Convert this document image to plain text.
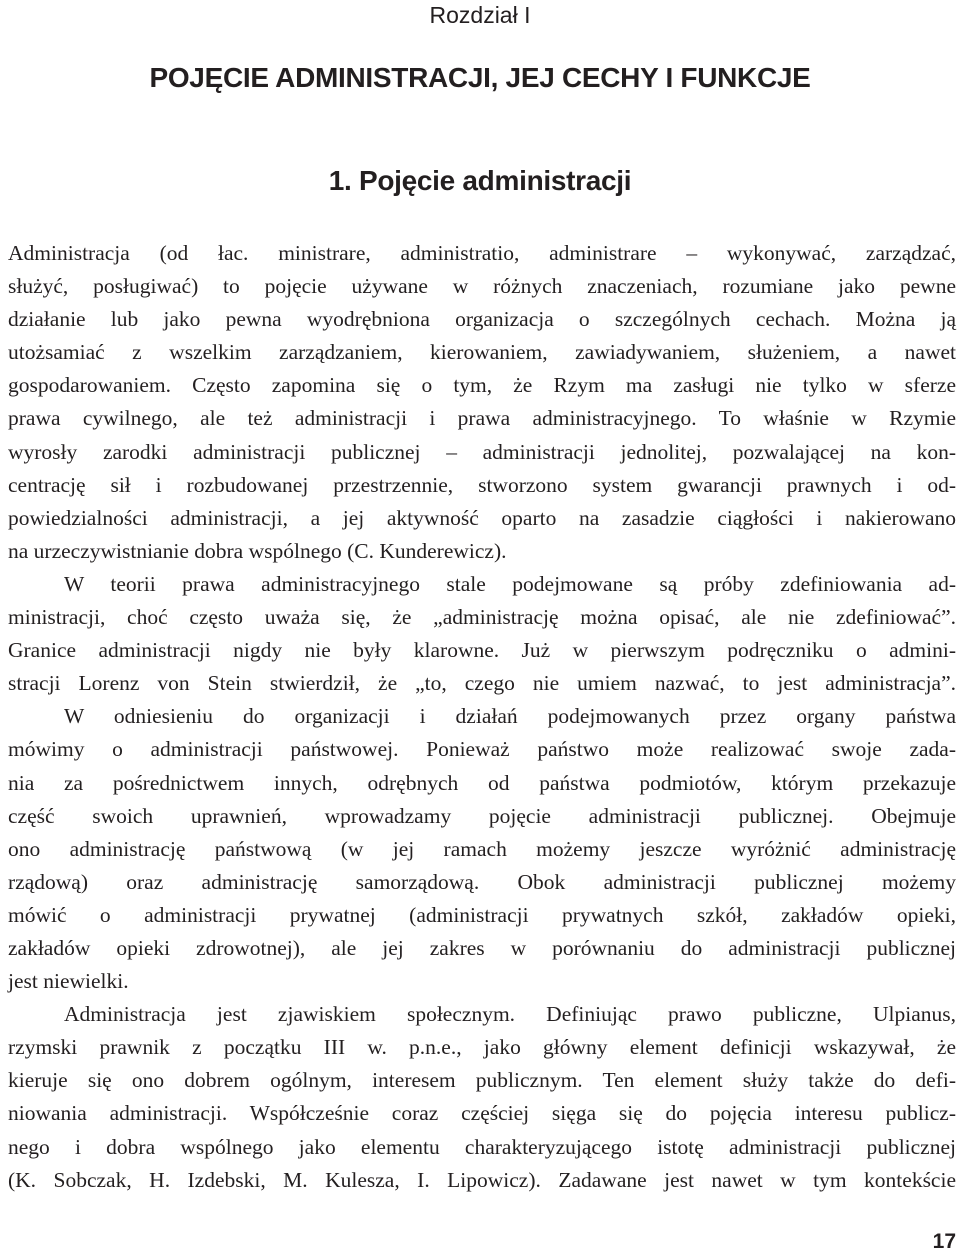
Rozdział I
POJĘCIE ADMINISTRACJI, JEJ CECHY I FUNKCJE
1. Pojęcie administracji
Administracja (od łac. ministrare, administratio, administrare – wykonywać, zarządzać,
służyć, posługiwać) to pojęcie używane w różnych znaczeniach, rozumiane jako pewne
działanie lub jako pewna wyodrębniona organizacja o szczególnych cechach. Można ją
utożsamiać z wszelkim zarządzaniem, kierowaniem, zawiadywaniem, służeniem, a nawet
gospodarowaniem. Często zapomina się o tym, że Rzym ma zasługi nie tylko w sferze
prawa cywilnego, ale też administracji i prawa administracyjnego. To właśnie w Rzymie
wyrosły zarodki administracji publicznej – administracji jednolitej, pozwalającej na kon-
centrację sił i rozbudowanej przestrzennie, stworzono system gwarancji prawnych i od-
powiedzialności administracji, a jej aktywność oparto na zasadzie ciągłości i nakierowano
na urzeczywistnianie dobra wspólnego (C. Kunderewicz).
W teorii prawa administracyjnego stale podejmowane są próby zdefiniowania ad-
ministracji, choć często uważa się, że „administrację można opisać, ale nie zdefiniować”.
Granice administracji nigdy nie były klarowne. Już w pierwszym podręczniku o admini-
stracji Lorenz von Stein stwierdził, że „to, czego nie umiem nazwać, to jest administracja”.
W odniesieniu do organizacji i działań podejmowanych przez organy państwa
mówimy o administracji państwowej. Ponieważ państwo może realizować swoje zada-
nia za pośrednictwem innych, odrębnych od państwa podmiotów, którym przekazuje
część swoich uprawnień, wprowadzamy pojęcie administracji publicznej. Obejmuje
ono administrację państwową (w jej ramach możemy jeszcze wyróżnić administrację
rządową) oraz administrację samorządową. Obok administracji publicznej możemy
mówić o administracji prywatnej (administracji prywatnych szkół, zakładów opieki,
zakładów opieki zdrowotnej), ale jej zakres w porównaniu do administracji publicznej
jest niewielki.
Administracja jest zjawiskiem społecznym. Definiując prawo publiczne, Ulpianus,
rzymski prawnik z początku III w. p.n.e., jako główny element definicji wskazywał, że
kieruje się ono dobrem ogólnym, interesem publicznym. Ten element służy także do defi-
niowania administracji. Współcześnie coraz częściej sięga się do pojęcia interesu publicz-
nego i dobra wspólnego jako elementu charakteryzującego istotę administracji publicznej
(K. Sobczak, H. Izdebski, M. Kulesza, I. Lipowicz). Zadawane jest nawet w tym kontekście
17
